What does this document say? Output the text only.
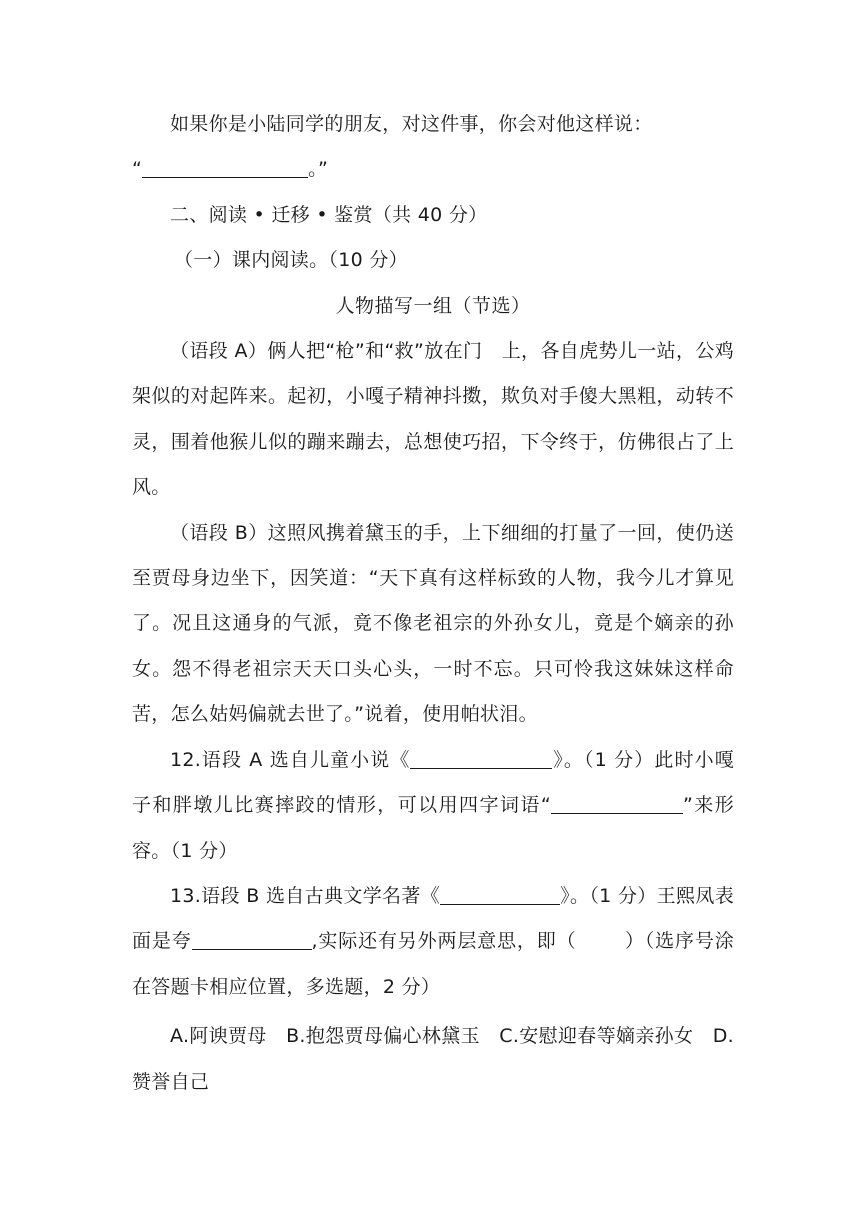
如果你是小陆同学的朋友，对这件事，你会对他这样说：

“	。”

二、阅读 • 迁移 • 鉴赏（共 40 分）

（一）课内阅读。（10 分）

人物描写一组（节选）

（语段 A）俩人把“枪”和“救”放在门　上，各自虎势儿一站，公鸡　架似的对起阵来。起初，小嘎子精神抖擞，欺负对手傻大黑粗，动转不灵，围着他猴儿似的蹦来蹦去，总想使巧招，下令终于，仿佛很占了上风。

（语段 B）这照风携着黛玉的手，上下细细的打量了一回，使仍送至贾母身边坐下，因笑道：“天下真有这样标致的人物，我今儿才算见了。况且这通身的气派，竟不像老祖宗的外孙女儿，竟是个嫡亲的孙女。怨不得老祖宗天天口头心头，一时不忘。只可怜我这妹妹这样命苦，怎么姑妈偏就去世了。”说着，使用帕状泪。

12.语段 A 选自儿童小说《	》。（1 分）此时小嘎子和胖墩儿比赛摔跤的情形，可以用四字词语“	”来形容。（1 分）

13.语段 B 选自古典文学名著《	》。（1 分）王熙凤表面是夸	,实际还有另外两层意思，即（	）（选序号涂在答题卡相应位置，多选题，2 分）

A.阿谀贾母　B.抱怨贾母偏心林黛玉　C.安慰迎春等嫡亲孙女　D.赞誉自己
